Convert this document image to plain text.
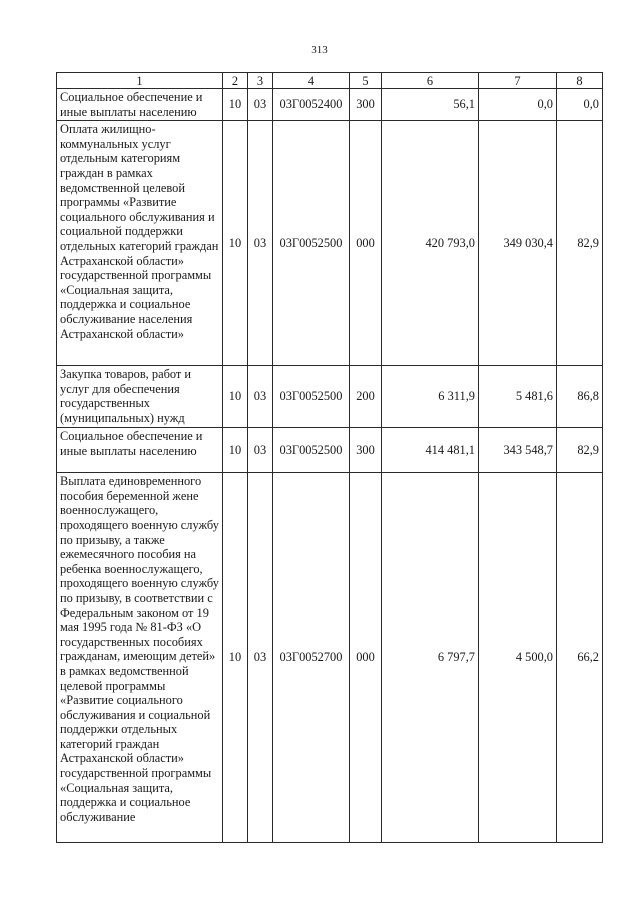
313
1	2	3	4	5	6	7	8
Социальное обеспечение и иные выплаты населению	10	03	03Г0052400	300	56,1	0,0	0,0
Оплата жилищно-коммунальных услуг отдельным категориям граждан в рамках ведомственной целевой программы «Развитие социального обслуживания и социальной поддержки отдельных категорий граждан Астраханской области» государственной программы «Социальная защита, поддержка и социальное обслуживание населения Астраханской области»	10	03	03Г0052500	000	420 793,0	349 030,4	82,9
Закупка товаров, работ и услуг для обеспечения государственных (муниципальных) нужд	10	03	03Г0052500	200	6 311,9	5 481,6	86,8
Социальное обеспечение и иные выплаты населению	10	03	03Г0052500	300	414 481,1	343 548,7	82,9
Выплата единовременного пособия беременной жене военнослужащего, проходящего военную службу по призыву, а также ежемесячного пособия на ребенка военнослужащего, проходящего военную службу по призыву, в соответствии с Федеральным законом от 19 мая 1995 года № 81-ФЗ «О государственных пособиях гражданам, имеющим детей» в рамках ведомственной целевой программы «Развитие социального обслуживания и социальной поддержки отдельных категорий граждан Астраханской области» государственной программы «Социальная защита, поддержка и социальное обслуживание	10	03	03Г0052700	000	6 797,7	4 500,0	66,2
